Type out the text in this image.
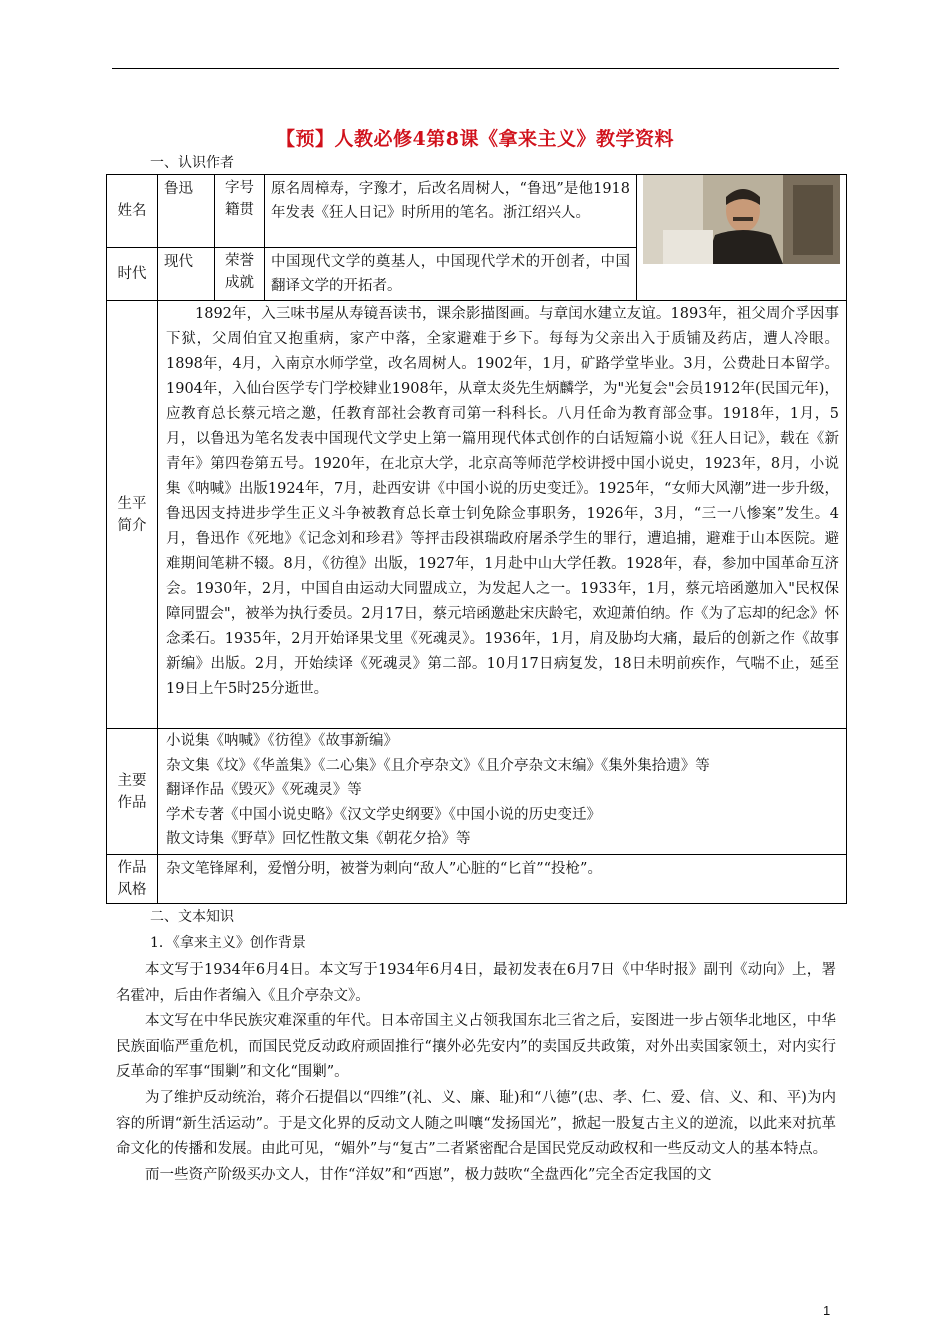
【预】人教必修4第8课《拿来主义》教学资料
一、认识作者
姓名	鲁迅	字号籍贯	原名周樟寿，字豫才，后改名周树人，“鲁迅”是他1918年发表《狂人日记》时所用的笔名。浙江绍兴人。	

时代	现代	荣誉成就	中国现代文学的奠基人，中国现代学术的开创者，中国翻译文学的开拓者。	
生平简介	1892年，入三味书屋从寿镜吾读书，课余影描图画。与章闰水建立友谊。1893年，祖父周介孚因事下狱，父周伯宜又抱重病，家产中落，全家避难于乡下。每每为父亲出入于质铺及药店，遭人冷眼。1898年，4月，入南京水师学堂，改名周树人。1902年，1月，矿路学堂毕业。3月，公费赴日本留学。1904年，入仙台医学专门学校肄业1908年，从章太炎先生炳麟学，为"光复会"会员1912年(民国元年)，应教育总长蔡元培之邀，任教育部社会教育司第一科科长。八月任命为教育部佥事。1918年，1月，5月，以鲁迅为笔名发表中国现代文学史上第一篇用现代体式创作的白话短篇小说《狂人日记》，载在《新青年》第四卷第五号。1920年，在北京大学，北京高等师范学校讲授中国小说史，1923年，8月，小说集《呐喊》出版1924年，7月，赴西安讲《中国小说的历史变迁》。1925年，“女师大风潮”进一步升级，鲁迅因支持进步学生正义斗争被教育总长章士钊免除佥事职务，1926年，3月，“三一八惨案”发生。4月，鲁迅作《死地》《记念刘和珍君》等抨击段祺瑞政府屠杀学生的罪行，遭追捕，避难于山本医院。避难期间笔耕不辍。8月，《彷徨》出版，1927年，1月赴中山大学任教。1928年，春，参加中国革命互济会。1930年，2月，中国自由运动大同盟成立，为发起人之一。1933年，1月，蔡元培函邀加入"民权保障同盟会"，被举为执行委员。2月17日，蔡元培函邀赴宋庆龄宅，欢迎萧伯纳。作《为了忘却的纪念》怀念柔石。1935年，2月开始译果戈里《死魂灵》。1936年，1月，肩及胁均大痛，最后的创新之作《故事新编》出版。2月，开始续译《死魂灵》第二部。10月17日病复发，18日未明前疾作，气喘不止，延至19日上午5时25分逝世。			

主要作品	小说集《呐喊》《彷徨》《故事新编》
杂文集《坟》《华盖集》《二心集》《且介亭杂文》《且介亭杂文末编》《集外集拾遗》等
翻译作品《毁灭》《死魂灵》等
学术专著《中国小说史略》《汉文学史纲要》《中国小说的历史变迁》
散文诗集《野草》回忆性散文集《朝花夕拾》等			

作品风格	杂文笔锋犀利，爱憎分明，被誉为刺向“敌人”心脏的“匕首”“投枪”。			
二、文本知识
1．《拿来主义》创作背景

本文写于1934年6月4日。本文写于1934年6月4日，最初发表在6月7日《中华时报》副刊《动向》上，署名霍冲，后由作者编入《且介亭杂文》。

本文写在中华民族灾难深重的年代。日本帝国主义占领我国东北三省之后，妄图进一步占领华北地区，中华民族面临严重危机，而国民党反动政府顽固推行“攘外必先安内”的卖国反共政策，对外出卖国家领土，对内实行反革命的军事“围剿”和文化“围剿”。

为了维护反动统治，蒋介石提倡以“四维”(礼、义、廉、耻)和“八德”(忠、孝、仁、爱、信、义、和、平)为内容的所谓“新生活运动”。于是文化界的反动文人随之叫嚷“发扬国光”，掀起一股复古主义的逆流，以此来对抗革命文化的传播和发展。由此可见，“媚外”与“复古”二者紧密配合是国民党反动政权和一些反动文人的基本特点。

而一些资产阶级买办文人，甘作“洋奴”和“西崽”，极力鼓吹“全盘西化”完全否定我国的文

1
